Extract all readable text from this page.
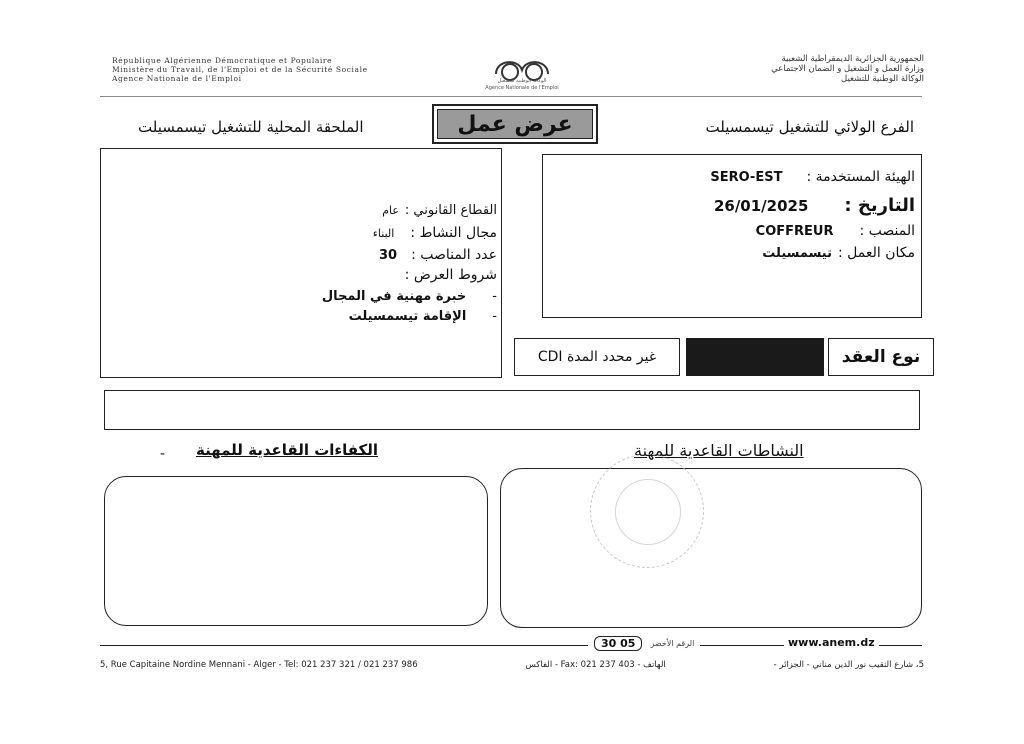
République Algérienne Démocratique et Populaire
Ministère du Travail, de l'Emploi et de la Sécurité Sociale
Agence Nationale de l'Emploi	الوكالة الوطنية للتشغيل
Agence Nationale de l'Emploi
الجمهورية الجزائرية الديمقراطية الشعبية
وزارة العمل و التشغيل و الضمان الاجتماعي
الوكالة الوطنية للتشغيل
عرض عمل
الملحقة المحلية للتشغيل تيسمسيلت	الفرع الولائي للتشغيل تيسمسيلت
القطاع القانوني :
عام
مجال النشاط :
البناء
عدد المناصب :
30
شروط العرض :
-
خبرة مهنية في المجال
-
الإقامة تيسمسيلت
الهيئة المستخدمة :
SERO-EST
التاريخ :
26/01/2025
المنصب :
COFFREUR
مكان العمل :
تيسمسيلت
نوع العقد
غير محدد المدة CDI
- الكفاءات القاعدية للمهنة	النشاطات القاعدية للمهنة
30 05	الرقم الأخضر	www.anem.dz
5, Rue Capitaine Nordine Mennani - Alger - Tel: 021 237 321 / 021 237 986	الهاتف - Fax: 021 237 403 - الفاكس	5، شارع النقيب نور الدين مناني - الجزائر -
